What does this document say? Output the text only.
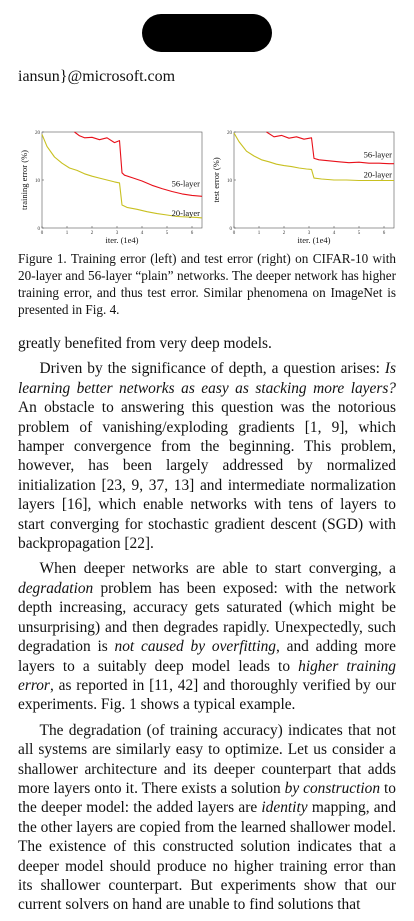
iansun}@microsoft.com
0	1	2	3	4	5	6
0
10
20
iter. (1e4)
training error (%)	56-layer
20-layer
0	1	2	3	4	5	6
0
10
20
iter. (1e4)
test error (%)
56-layer
20-layer
Figure 1. Training error (left) and test error (right) on CIFAR-10 with 20-layer and 56-layer “plain” networks. The deeper network has higher training error, and thus test error. Similar phenomena on ImageNet is presented in Fig. 4.

greatly benefited from very deep models.

Driven by the significance of depth, a question arises: Is learning better networks as easy as stacking more layers? An obstacle to answering this question was the notorious problem of vanishing/exploding gradients [1, 9], which hamper convergence from the beginning. This problem, however, has been largely addressed by normalized initialization [23, 9, 37, 13] and intermediate normalization layers [16], which enable networks with tens of layers to start converging for stochastic gradient descent (SGD) with backpropagation [22].

When deeper networks are able to start converging, a degradation problem has been exposed: with the network depth increasing, accuracy gets saturated (which might be unsurprising) and then degrades rapidly. Unexpectedly, such degradation is not caused by overfitting, and adding more layers to a suitably deep model leads to higher training error, as reported in [11, 42] and thoroughly verified by our experiments. Fig. 1 shows a typical example.

The degradation (of training accuracy) indicates that not all systems are similarly easy to optimize. Let us consider a shallower architecture and its deeper counterpart that adds more layers onto it. There exists a solution by construction to the deeper model: the added layers are identity mapping, and the other layers are copied from the learned shallower model. The existence of this constructed solution indicates that a deeper model should produce no higher training error than its shallower counterpart. But experiments show that our current solvers on hand are unable to find solutions that
